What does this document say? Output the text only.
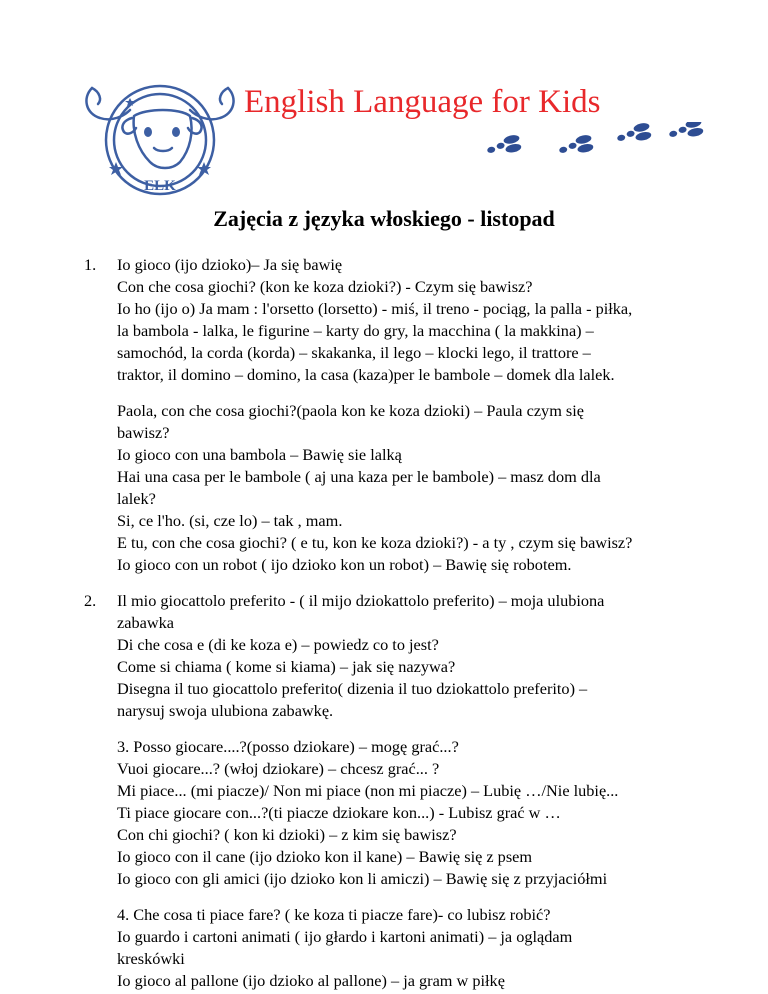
ELK
English Language for Kids
Zajęcia z języka włoskiego - listopad
1. Io gioco (ijo dzioko)– Ja się bawię
Con che cosa giochi? (kon ke koza dzioki?) - Czym się bawisz?
Io ho (ijo o) Ja mam : l'orsetto (lorsetto) - miś, il treno - pociąg, la palla - piłka,
la bambola - lalka, le figurine – karty do gry, la macchina ( la makkina) –
samochód, la corda (korda) – skakanka, il lego – klocki lego, il trattore –
traktor, il domino – domino, la casa (kaza)per le bambole – domek dla lalek.
Paola, con che cosa giochi?(paola kon ke koza dzioki) – Paula czym się
bawisz?
Io gioco con una bambola – Bawię sie lalką
Hai una casa per le bambole ( aj una kaza per le bambole) – masz dom dla
lalek?
Si, ce l'ho. (si, cze lo) – tak , mam.
E tu, con che cosa giochi? ( e tu, kon ke koza dzioki?) - a ty , czym się bawisz?
Io gioco con un robot ( ijo dzioko kon un robot) – Bawię się robotem.
2. Il mio giocattolo preferito - ( il mijo dziokattolo preferito) – moja ulubiona
zabawka
Di che cosa e (di ke koza e) – powiedz co to jest?
Come si chiama ( kome si kiama) – jak się nazywa?
Disegna il tuo giocattolo preferito( dizenia il tuo dziokattolo preferito) –
narysuj swoja ulubiona zabawkę.
3. Posso giocare....?(posso dziokare) – mogę grać...?
Vuoi giocare...? (włoj dziokare) – chcesz grać... ?
Mi piace... (mi piacze)/ Non mi piace (non mi piacze) – Lubię …/Nie lubię...
Ti piace giocare con...?(ti piacze dziokare kon...) - Lubisz grać w …
Con chi giochi? ( kon ki dzioki) – z kim się bawisz?
Io gioco con il cane (ijo dzioko kon il kane) – Bawię się z psem
Io gioco con gli amici (ijo dzioko kon li amiczi) – Bawię się z przyjaciółmi
4. Che cosa ti piace fare? ( ke koza ti piacze fare)- co lubisz robić?
Io guardo i cartoni animati ( ijo głardo i kartoni animati) – ja oglądam
kreskówki
Io gioco al pallone (ijo dzioko al pallone) – ja gram w piłkę
